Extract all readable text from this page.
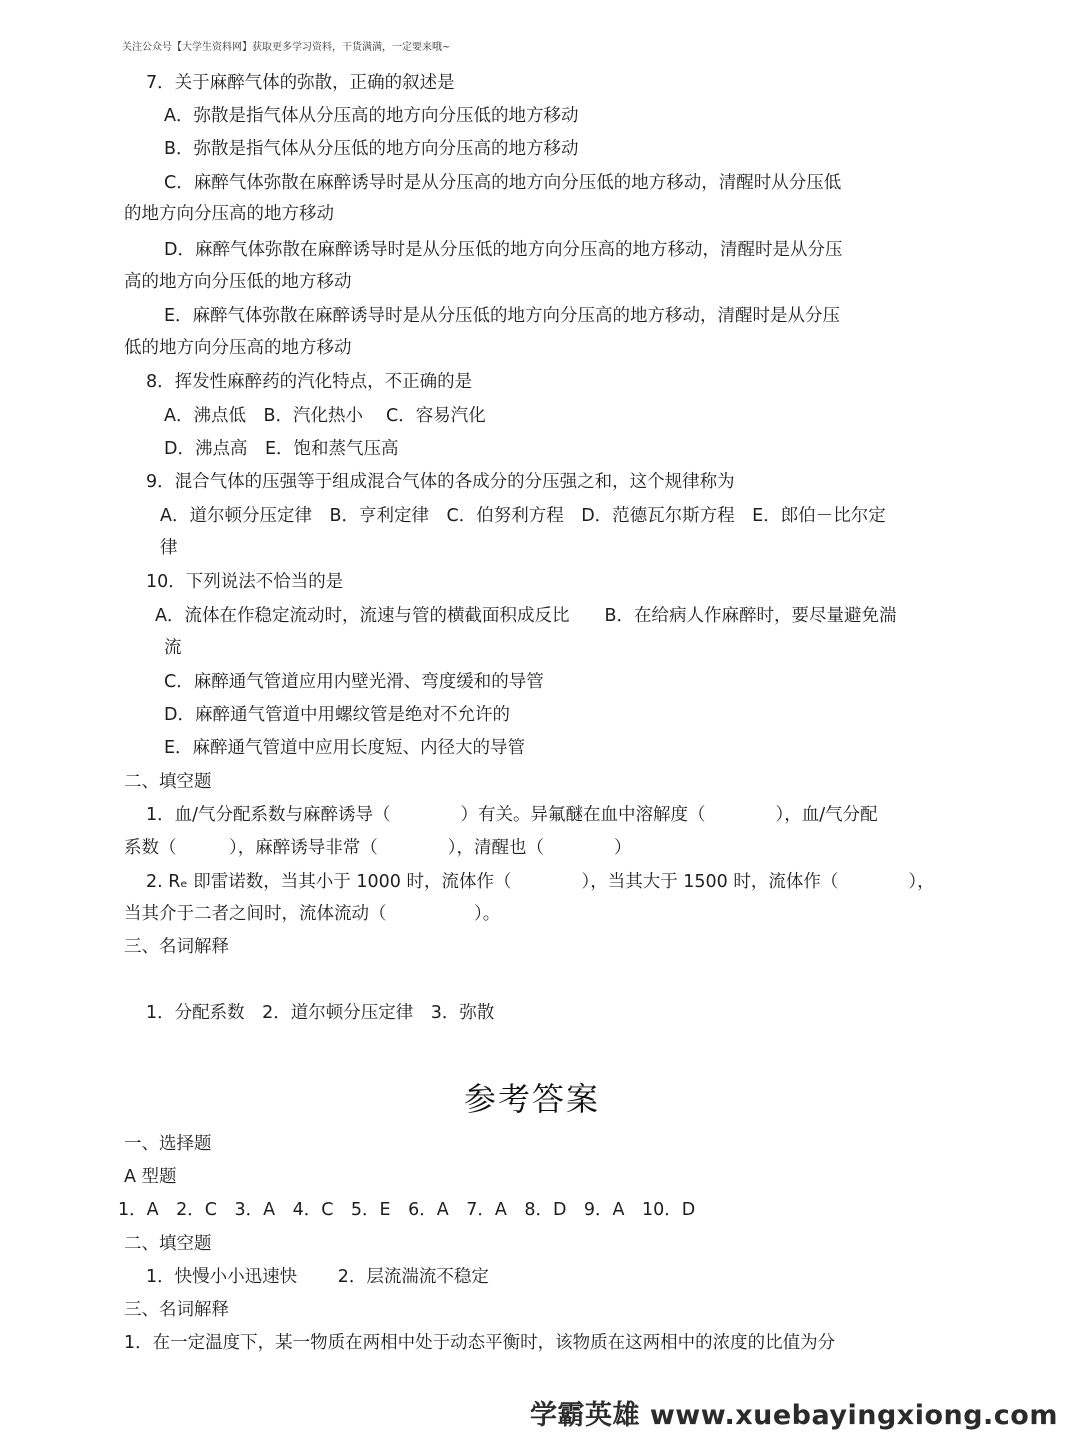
关注公众号【大学生资料网】获取更多学习资料，干货满满，一定要来哦~
7．关于麻醉气体的弥散，正确的叙述是
A．弥散是指气体从分压高的地方向分压低的地方移动
B．弥散是指气体从分压低的地方向分压高的地方移动
C．麻醉气体弥散在麻醉诱导时是从分压高的地方向分压低的地方移动，清醒时从分压低
的地方向分压高的地方移动
D．麻醉气体弥散在麻醉诱导时是从分压低的地方向分压高的地方移动，清醒时是从分压
高的地方向分压低的地方移动
E．麻醉气体弥散在麻醉诱导时是从分压低的地方向分压高的地方移动，清醒时是从分压
低的地方向分压高的地方移动
8．挥发性麻醉药的汽化特点，不正确的是
A．沸点低　B．汽化热小　 C．容易汽化
D．沸点高　E．饱和蒸气压高
9．混合气体的压强等于组成混合气体的各成分的分压强之和，这个规律称为
A．道尔顿分压定律　B．亨利定律　C．伯努利方程　D．范德瓦尔斯方程　E．郎伯－比尔定
律
10．下列说法不恰当的是
A．流体在作稳定流动时，流速与管的横截面积成反比　　B．在给病人作麻醉时，要尽量避免湍
流
C．麻醉通气管道应用内壁光滑、弯度缓和的导管
D．麻醉通气管道中用螺纹管是绝对不允许的
E．麻醉通气管道中应用长度短、内径大的导管
二、填空题
1．血/气分配系数与麻醉诱导（　　　　）有关。异氟醚在血中溶解度（　　　　），血/气分配
系数（　　　），麻醉诱导非常（　　　　），清醒也（　　　　）
2. Rₑ 即雷诺数，当其小于 1000 时，流体作（　　　　），当其大于 1500 时，流体作（　　　　），
当其介于二者之间时，流体流动（　　　　　）。
三、名词解释
1．分配系数　2．道尔顿分压定律　3．弥散
参考答案
一、选择题
A 型题
1．A　2．C　3．A　4．C　5．E　6．A　7．A　8．D　9．A　10．D
二、填空题
1．快慢小小迅速快　　 2．层流湍流不稳定
三、名词解释
1．在一定温度下，某一物质在两相中处于动态平衡时，该物质在这两相中的浓度的比值为分
学霸英雄 www.xuebayingxiong.com
